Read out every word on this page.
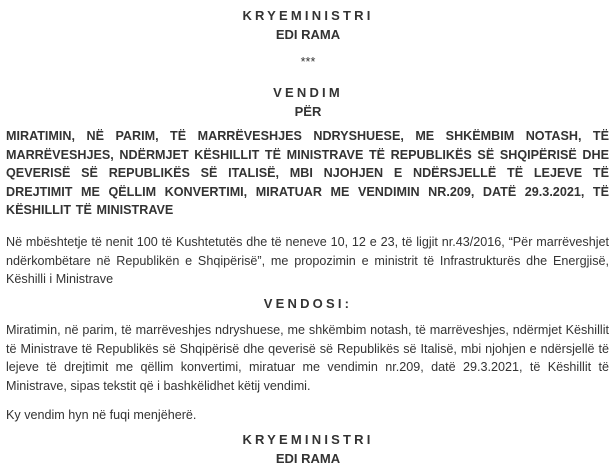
KRYEMINISTRI
EDI RAMA
***
VENDIM
PËR
MIRATIMIN, NË PARIM, TË MARRËVESHJES NDRYSHUESE, ME SHKËMBIM NOTASH, TË MARRËVESHJES, NDËRMJET KËSHILLIT TË MINISTRAVE TË REPUBLIKËS SË SHQIPËRISË DHE QEVERISË SË REPUBLIKËS SË ITALISË, MBI NJOHJEN E NDËRSJELLË TË LEJEVE TË DREJTIMIT ME QËLLIM KONVERTIMI, MIRATUAR ME VENDIMIN NR.209, DATË 29.3.2021, TË KËSHILLIT TË MINISTRAVE
Në mbështetje të nenit 100 të Kushtetutës dhe të neneve 10, 12 e 23, të ligjit nr.43/2016, “Për marrëveshjet ndërkombëtare në Republikën e Shqipërisë”, me propozimin e ministrit të Infrastrukturës dhe Energjisë, Këshilli i Ministrave
VENDOSI:
Miratimin, në parim, të marrëveshjes ndryshuese, me shkëmbim notash, të marrëveshjes, ndërmjet Këshillit të Ministrave të Republikës së Shqipërisë dhe qeverisë së Republikës së Italisë, mbi njohjen e ndërsjellë të lejeve të drejtimit me qëllim konvertimi, miratuar me vendimin nr.209, datë 29.3.2021, të Këshillit të Ministrave, sipas tekstit që i bashkëlidhet këtij vendimi.
Ky vendim hyn në fuqi menjëherë.
KRYEMINISTRI
EDI RAMA
